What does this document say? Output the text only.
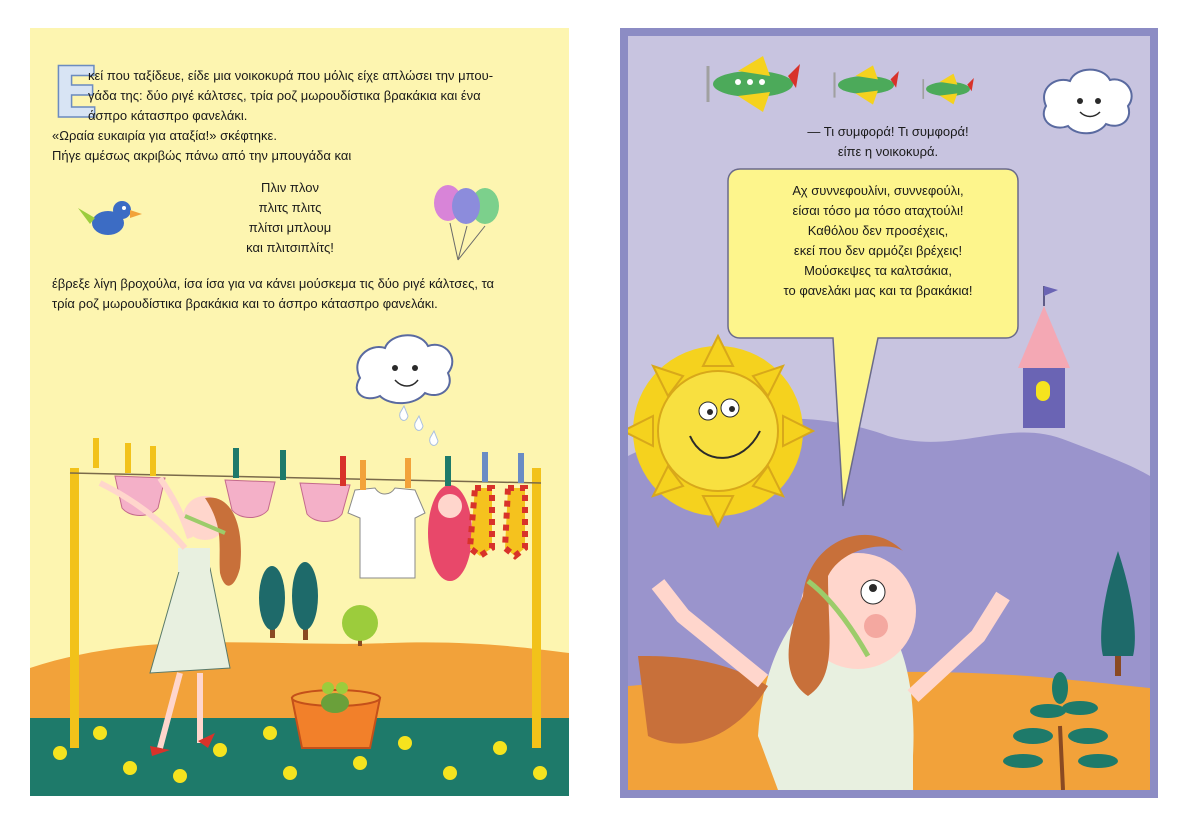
Ε
κεί που ταξίδευε, είδε μια νοικοκυρά που μόλις είχε απλώσει την μπου-
γάδα της: δύο ριγέ κάλτσες, τρία ροζ μωρουδίστικα βρακάκια και ένα
άσπρο κάτασπρο φανελάκι.
«Ωραία ευκαιρία για αταξία!» σκέφτηκε.
Πήγε αμέσως ακριβώς πάνω από την μπουγάδα και
Πλιν πλον
πλιτς πλιτς
πλίτσι μπλουμ
και πλιτσιπλίτς!
έβρεξε λίγη βροχούλα, ίσα ίσα για να κάνει μούσκεμα τις δύο ριγέ κάλτσες, τα
τρία ροζ μωρουδίστικα βρακάκια και το άσπρο κάτασπρο φανελάκι.
— Τι συμφορά! Τι συμφορά!
είπε η νοικοκυρά.
Αχ συννεφουλίνι, συννεφούλι,
είσαι τόσο μα τόσο αταχτούλι!
Καθόλου δεν προσέχεις,
εκεί που δεν αρμόζει βρέχεις!
Μούσκεψες τα καλτσάκια,
το φανελάκι μας και τα βρακάκια!
